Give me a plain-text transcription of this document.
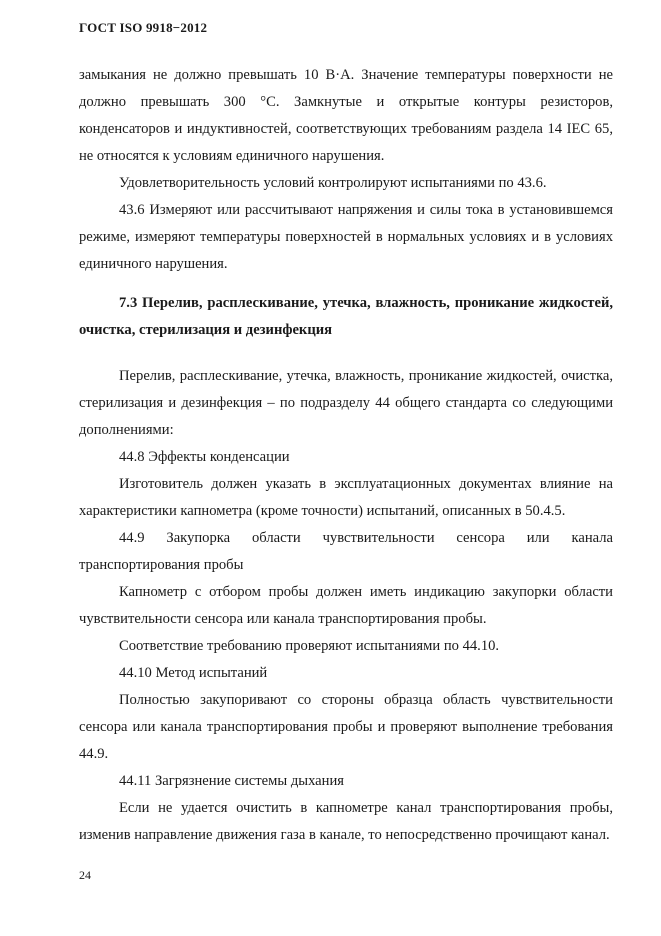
ГОСТ ISO 9918−2012

замыкания не должно превышать 10 В·А. Значение температуры поверхности не должно превышать 300 °С. Замкнутые и открытые контуры резисторов, конденсаторов и индуктивностей, соответствующих требованиям раздела 14 IEC 65, не относятся к условиям единичного нарушения.

Удовлетворительность условий контролируют испытаниями по 43.6.

43.6 Измеряют или рассчитывают напряжения и силы тока в установившемся режиме, измеряют температуры поверхностей в нормальных условиях и в условиях единичного нарушения.

7.3 Перелив, расплескивание, утечка, влажность, проникание жидкостей, очистка, стерилизация и дезинфекция

Перелив, расплескивание, утечка, влажность, проникание жидкостей, очистка, стерилизация и дезинфекция – по подразделу 44 общего стандарта со следующими дополнениями:

44.8 Эффекты конденсации

Изготовитель должен указать в эксплуатационных документах влияние на характеристики капнометра (кроме точности) испытаний, описанных в 50.4.5.

44.9 Закупорка области чувствительности сенсора или канала транспортирования пробы

Капнометр с отбором пробы должен иметь индикацию закупорки области чувствительности сенсора или канала транспортирования пробы.

Соответствие требованию проверяют испытаниями по 44.10.

44.10 Метод испытаний

Полностью закупоривают со стороны образца область чувствительности сенсора или канала транспортирования пробы и проверяют выполнение требования 44.9.

44.11 Загрязнение системы дыхания

Если не удается очистить в капнометре канал транспортирования пробы, изменив направление движения газа в канале, то непосредственно прочищают канал.

24
